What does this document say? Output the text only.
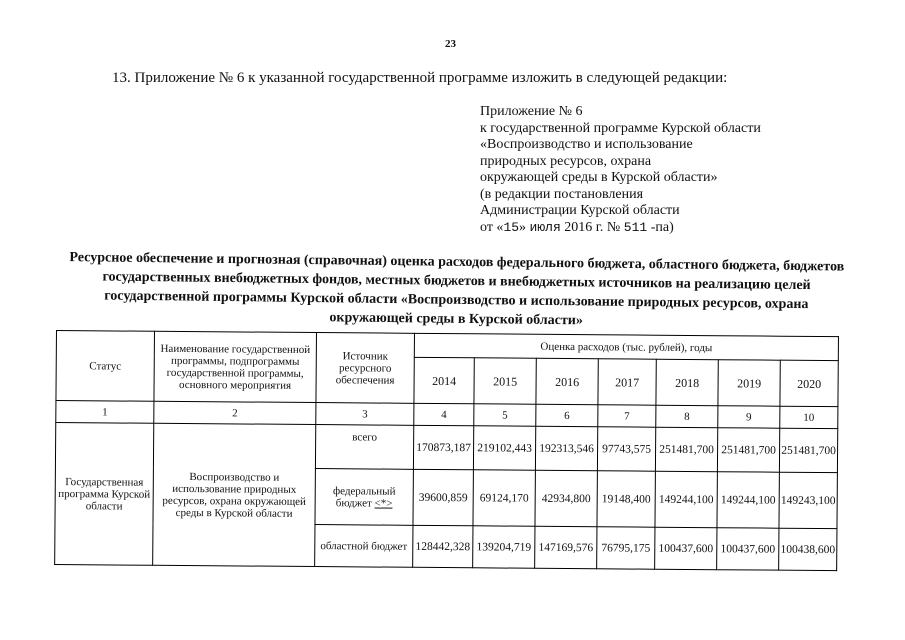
23
13. Приложение № 6 к указанной государственной программе изложить в следующей редакции:
Приложение № 6
к государственной программе Курской области
«Воспроизводство и использование
природных ресурсов, охрана
окружающей среды в Курской области»
(в редакции постановления
Администрации Курской области
от «15» июля 2016 г. № 511 -па)
Ресурсное обеспечение и прогнозная (справочная) оценка расходов федерального бюджета, областного бюджета, бюджетов государственных внебюджетных фондов, местных бюджетов и внебюджетных источников на реализацию целей государственной программы Курской области «Воспроизводство и использование природных ресурсов, охрана окружающей среды в Курской области»
Статус	Наименование государственной программы, подпрограммы государственной программы, основного мероприятия	Источник ресурсного обеспечения	Оценка расходов (тыс. рублей), годы						
			2014	2015	2016	2017	2018	2019	2020
1	2	3	4	5	6	7	8	9	10
Государственная программа Курской области	Воспроизводство и использование природных ресурсов, охрана окружающей среды в Курской области	всего	170873,187	219102,443	192313,546	97743,575	251481,700	251481,700	251481,700
		федеральный бюджет <*>	39600,859	69124,170	42934,800	19148,400	149244,100	149244,100	149243,100
		областной бюджет	128442,328	139204,719	147169,576	76795,175	100437,600	100437,600	100438,600
